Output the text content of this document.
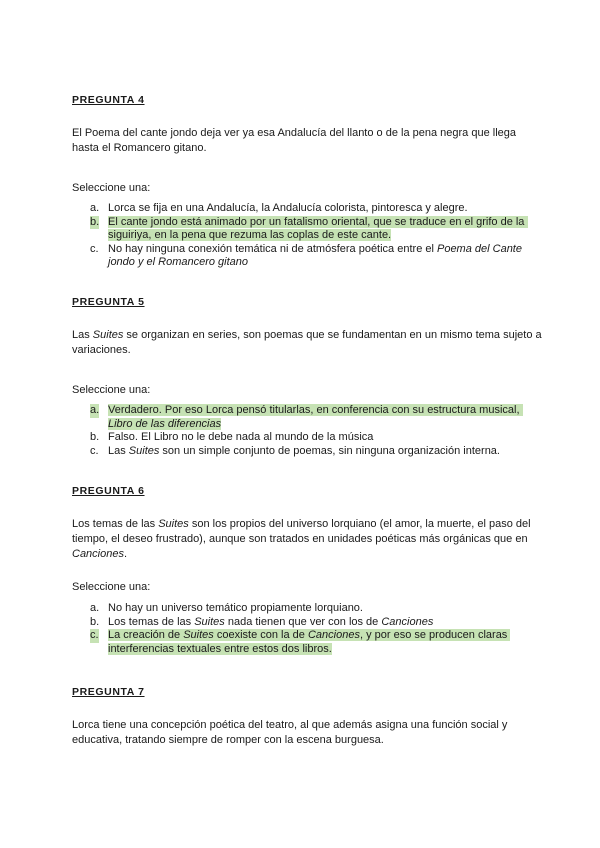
PREGUNTA 4

El Poema del cante jondo deja ver ya esa Andalucía del llanto o de la pena negra que llega hasta el Romancero gitano.

Seleccione una:

a. Lorca se fija en una Andalucía, la Andalucía colorista, pintoresca y alegre.
b. El cante jondo está animado por un fatalismo oriental, que se traduce en el grifo de la siguiriya, en la pena que rezuma las coplas de este cante.
c. No hay ninguna conexión temática ni de atmósfera poética entre el Poema del Cante jondo y el Romancero gitano

PREGUNTA 5

Las Suites se organizan en series, son poemas que se fundamentan en un mismo tema sujeto a variaciones.

Seleccione una:

a. Verdadero. Por eso Lorca pensó titularlas, en conferencia con su estructura musical, Libro de las diferencias
b. Falso. El Libro no le debe nada al mundo de la música
c. Las Suites son un simple conjunto de poemas, sin ninguna organización interna.

PREGUNTA 6

Los temas de las Suites son los propios del universo lorquiano (el amor, la muerte, el paso del tiempo, el deseo frustrado), aunque son tratados en unidades poéticas más orgánicas que en Canciones.

Seleccione una:

a. No hay un universo temático propiamente lorquiano.
b. Los temas de las Suites nada tienen que ver con los de Canciones
c. La creación de Suites coexiste con la de Canciones, y por eso se producen claras interferencias textuales entre estos dos libros.

PREGUNTA 7

Lorca tiene una concepción poética del teatro, al que además asigna una función social y educativa, tratando siempre de romper con la escena burguesa.
